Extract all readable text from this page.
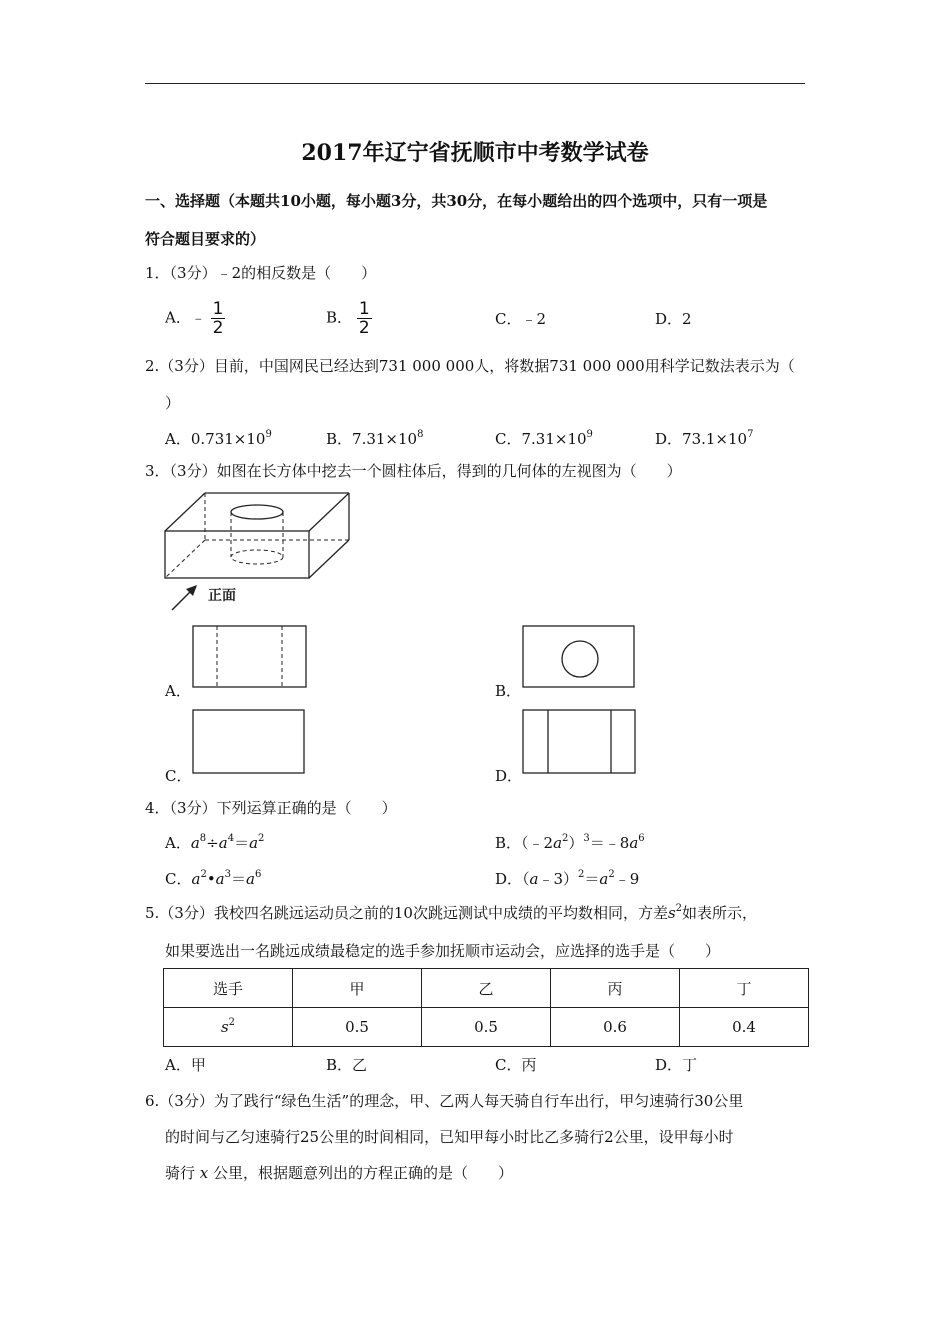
2017年辽宁省抚顺市中考数学试卷
一、选择题（本题共10小题，每小题3分，共30分，在每小题给出的四个选项中，只有一项是
符合题目要求的）
1．（3分）﹣2的相反数是（　　）
A．﹣ $\frac{1}{2}$	B． $\frac{1}{2}$	C．﹣2	D．2
2.（3分）目前，中国网民已经达到731 000 000人，将数据731 000 000用科学记数法表示为（
）
A．$0.731\times 10^9$	B．$7.31\times 10^8$	C．$7.31\times 10^9$	D．$73.1\times 10^7$
3．（3分）如图在长方体中挖去一个圆柱体后，得到的几何体的左视图为（　　）
正面
A．	B．
C．	D．
4．（3分）下列运算正确的是（　　）
A．$a^8\div a^4=a^2$	B．$(﹣2a^2)^3=﹣8a^6$
C．$a^2•a^3=a^6$	D．$(a﹣3)^2=a^2﹣9$
5.（3分）我校四名跳远运动员之前的10次跳远测试中成绩的平均数相同，方差$s^2$如表所示，
如果要选出一名跳远成绩最稳定的选手参加抚顺市运动会，应选择的选手是（　　）
选手	甲	乙	丙	丁
$s^2$	0.5	0.5	0.6	0.4
A．甲	B．乙	C．丙	D．丁
6.（3分）为了践行“绿色生活”的理念，甲、乙两人每天骑自行车出行，甲匀速骑行30公里
的时间与乙匀速骑行25公里的时间相同，已知甲每小时比乙多骑行2公里，设甲每小时
骑行 x 公里，根据题意列出的方程正确的是（　　）
